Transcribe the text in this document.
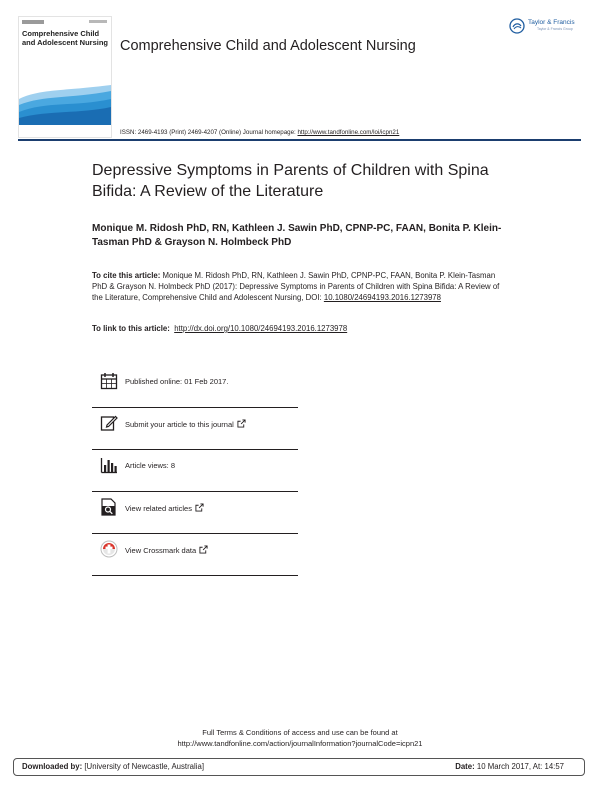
Comprehensive Child and Adolescent Nursing Comprehensive Child and Adolescent Nursing
Taylor & Francis
Taylor & Francis Group
ISSN: 2469-4193 (Print) 2469-4207 (Online) Journal homepage: http://www.tandfonline.com/loi/icpn21
Depressive Symptoms in Parents of Children with Spina Bifida: A Review of the Literature
Monique M. Ridosh PhD, RN, Kathleen J. Sawin PhD, CPNP-PC, FAAN, Bonita P. Klein-Tasman PhD & Grayson N. Holmbeck PhD
To cite this article: Monique M. Ridosh PhD, RN, Kathleen J. Sawin PhD, CPNP-PC, FAAN, Bonita P. Klein-Tasman PhD & Grayson N. Holmbeck PhD (2017): Depressive Symptoms in Parents of Children with Spina Bifida: A Review of the Literature, Comprehensive Child and Adolescent Nursing, DOI: 10.1080/24694193.2016.1273978
To link to this article: http://dx.doi.org/10.1080/24694193.2016.1273978
Published online: 01 Feb 2017.
Submit your article to this journal
Article views: 8
View related articles
View Crossmark data
Full Terms & Conditions of access and use can be found at
http://www.tandfonline.com/action/journalInformation?journalCode=icpn21
Downloaded by: [University of Newcastle, Australia]	Date: 10 March 2017, At: 14:57
